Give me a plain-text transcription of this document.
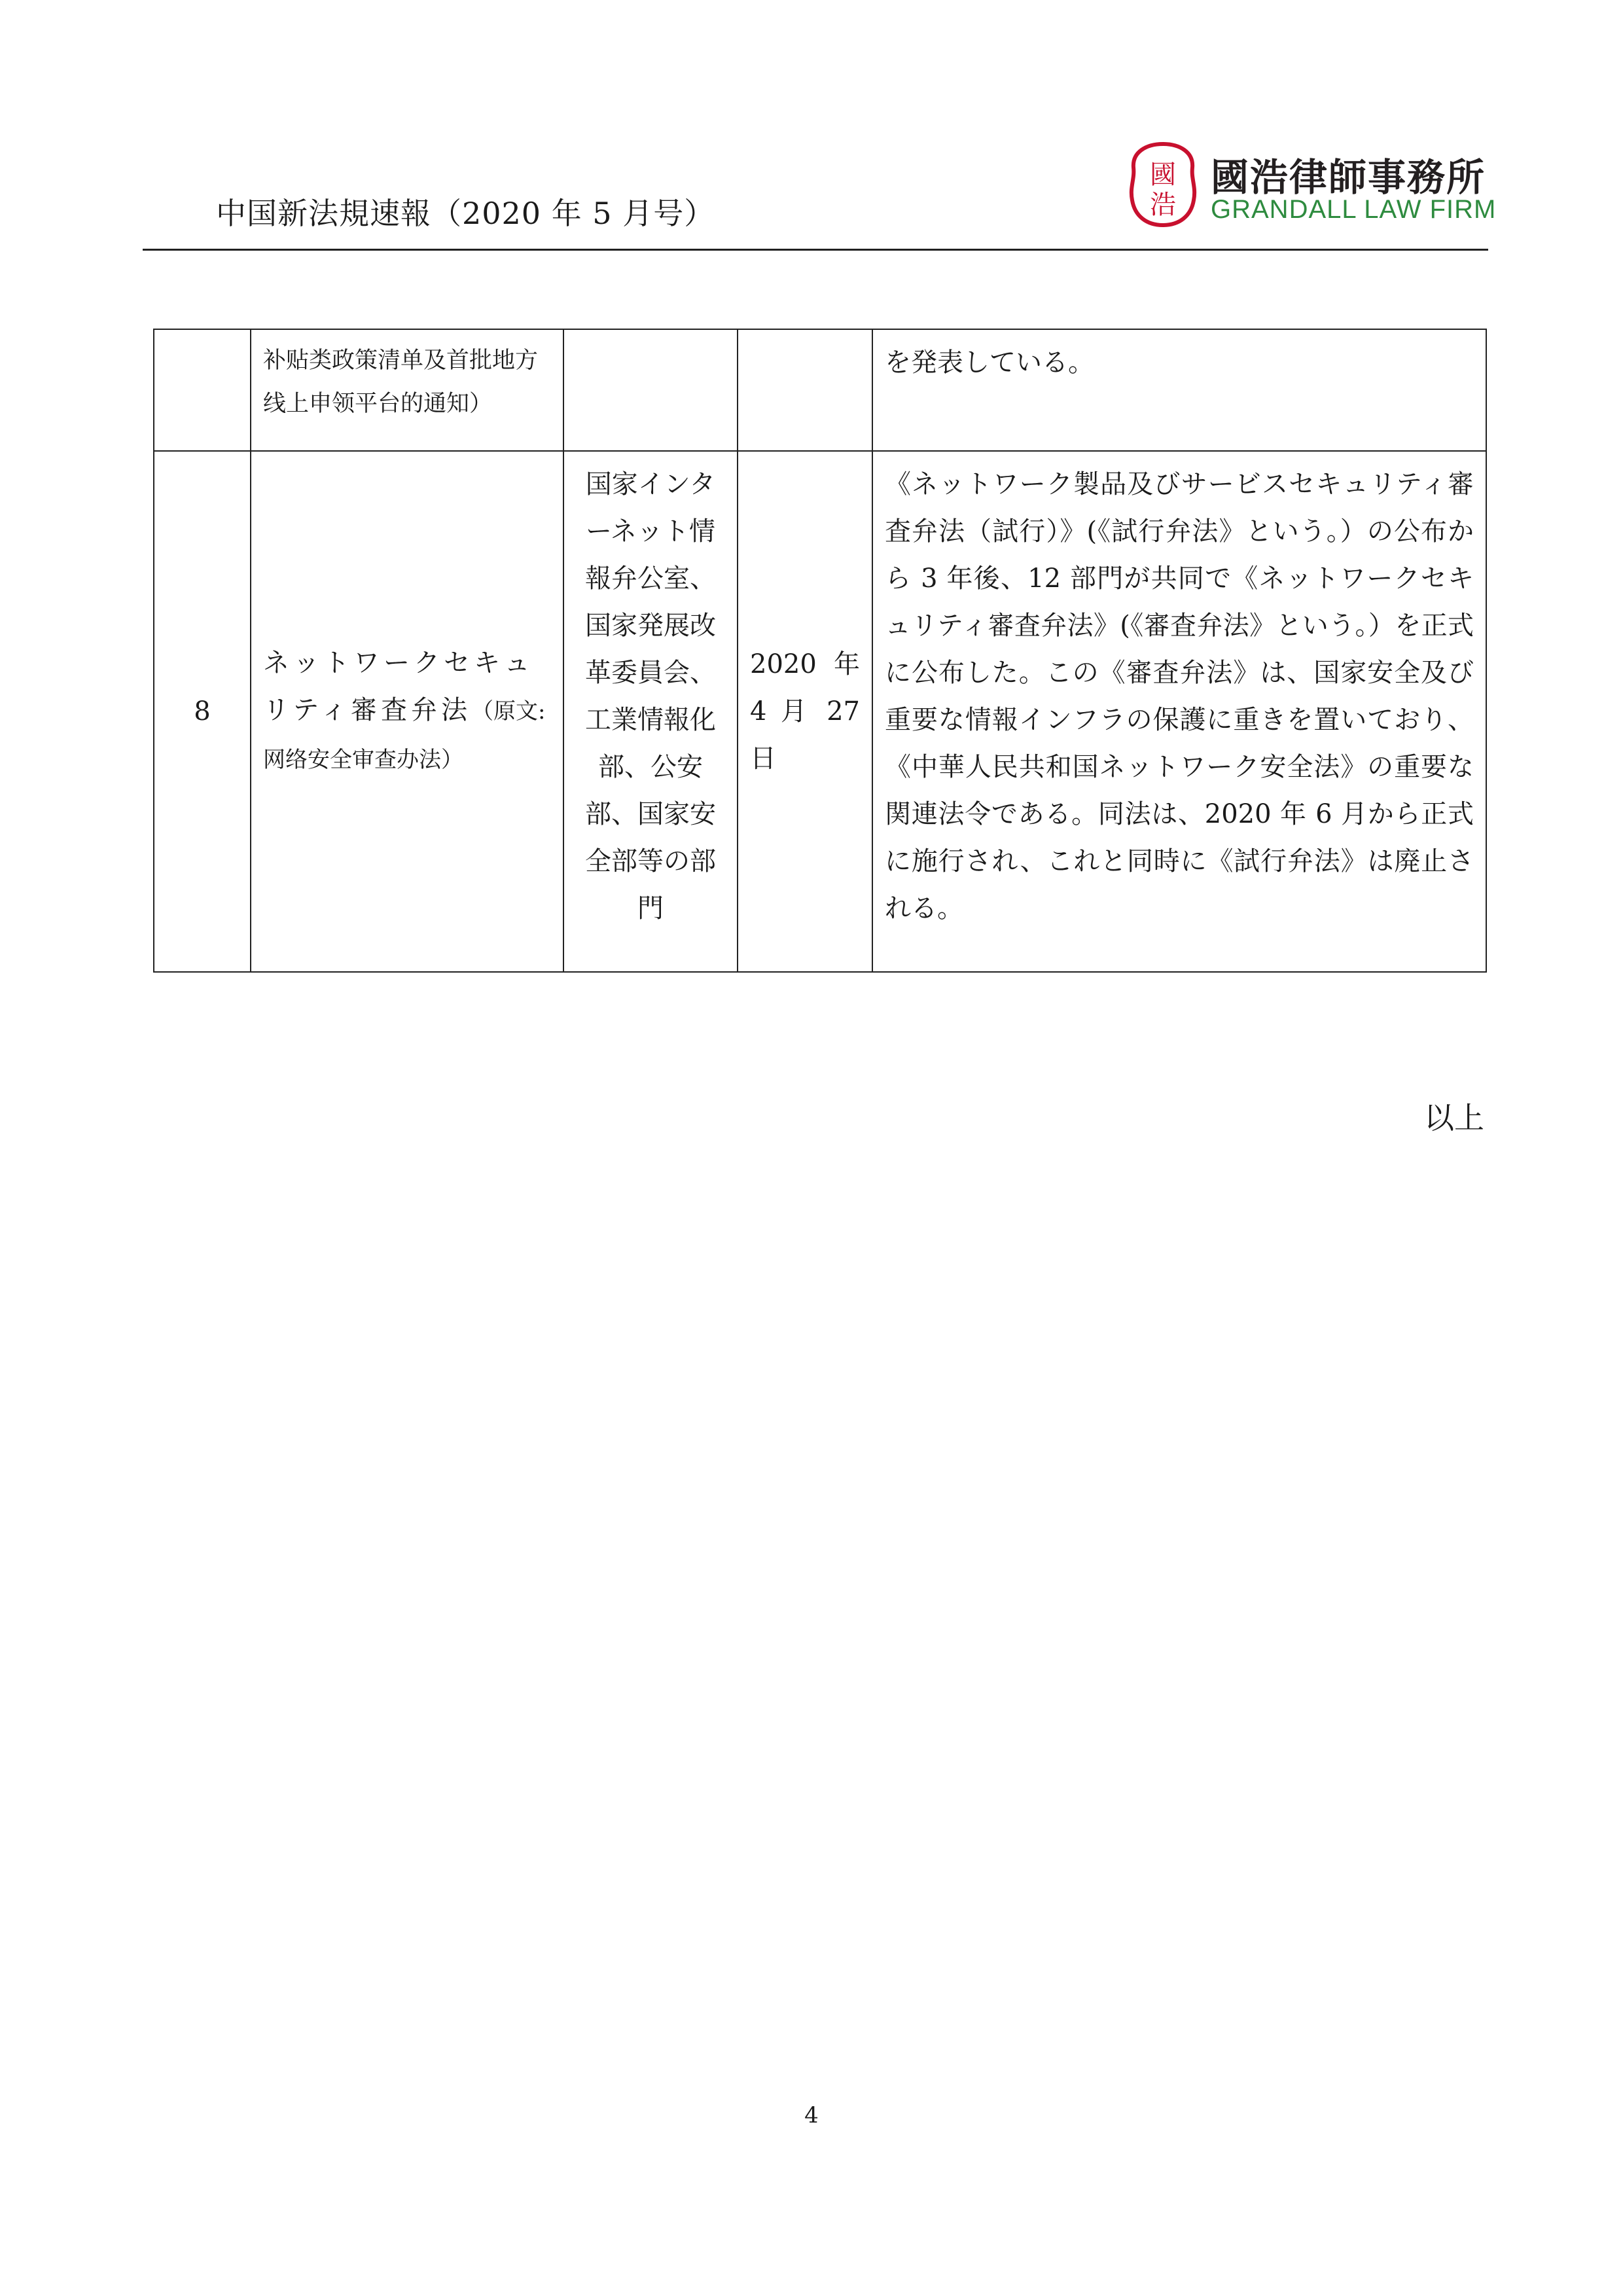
中国新法規速報（2020 年 5 月号）
國
浩
國浩律師事務所
GRANDALL LAW FIRM
	补贴类政策清单及首批地方线上申领平台的通知）			を発表している。
8	ネットワークセキュリティ審査弁法（原文: 网络安全审查办法）	国家インターネット情報弁公室、国家発展改革委員会、工業情報化部、公安部、国家安全部等の部門	2020 年 4 月 27 日	《ネットワーク製品及びサービスセキュリティ審査弁法（試行）》(《試行弁法》という。）の公布から 3 年後、12 部門が共同で《ネットワークセキュリティ審査弁法》(《審査弁法》という。）を正式に公布した。この《審査弁法》は、国家安全及び重要な情報インフラの保護に重きを置いており、《中華人民共和国ネットワーク安全法》の重要な関連法令である。同法は、2020 年 6 月から正式に施行され、これと同時に《試行弁法》は廃止される。
以上
4
